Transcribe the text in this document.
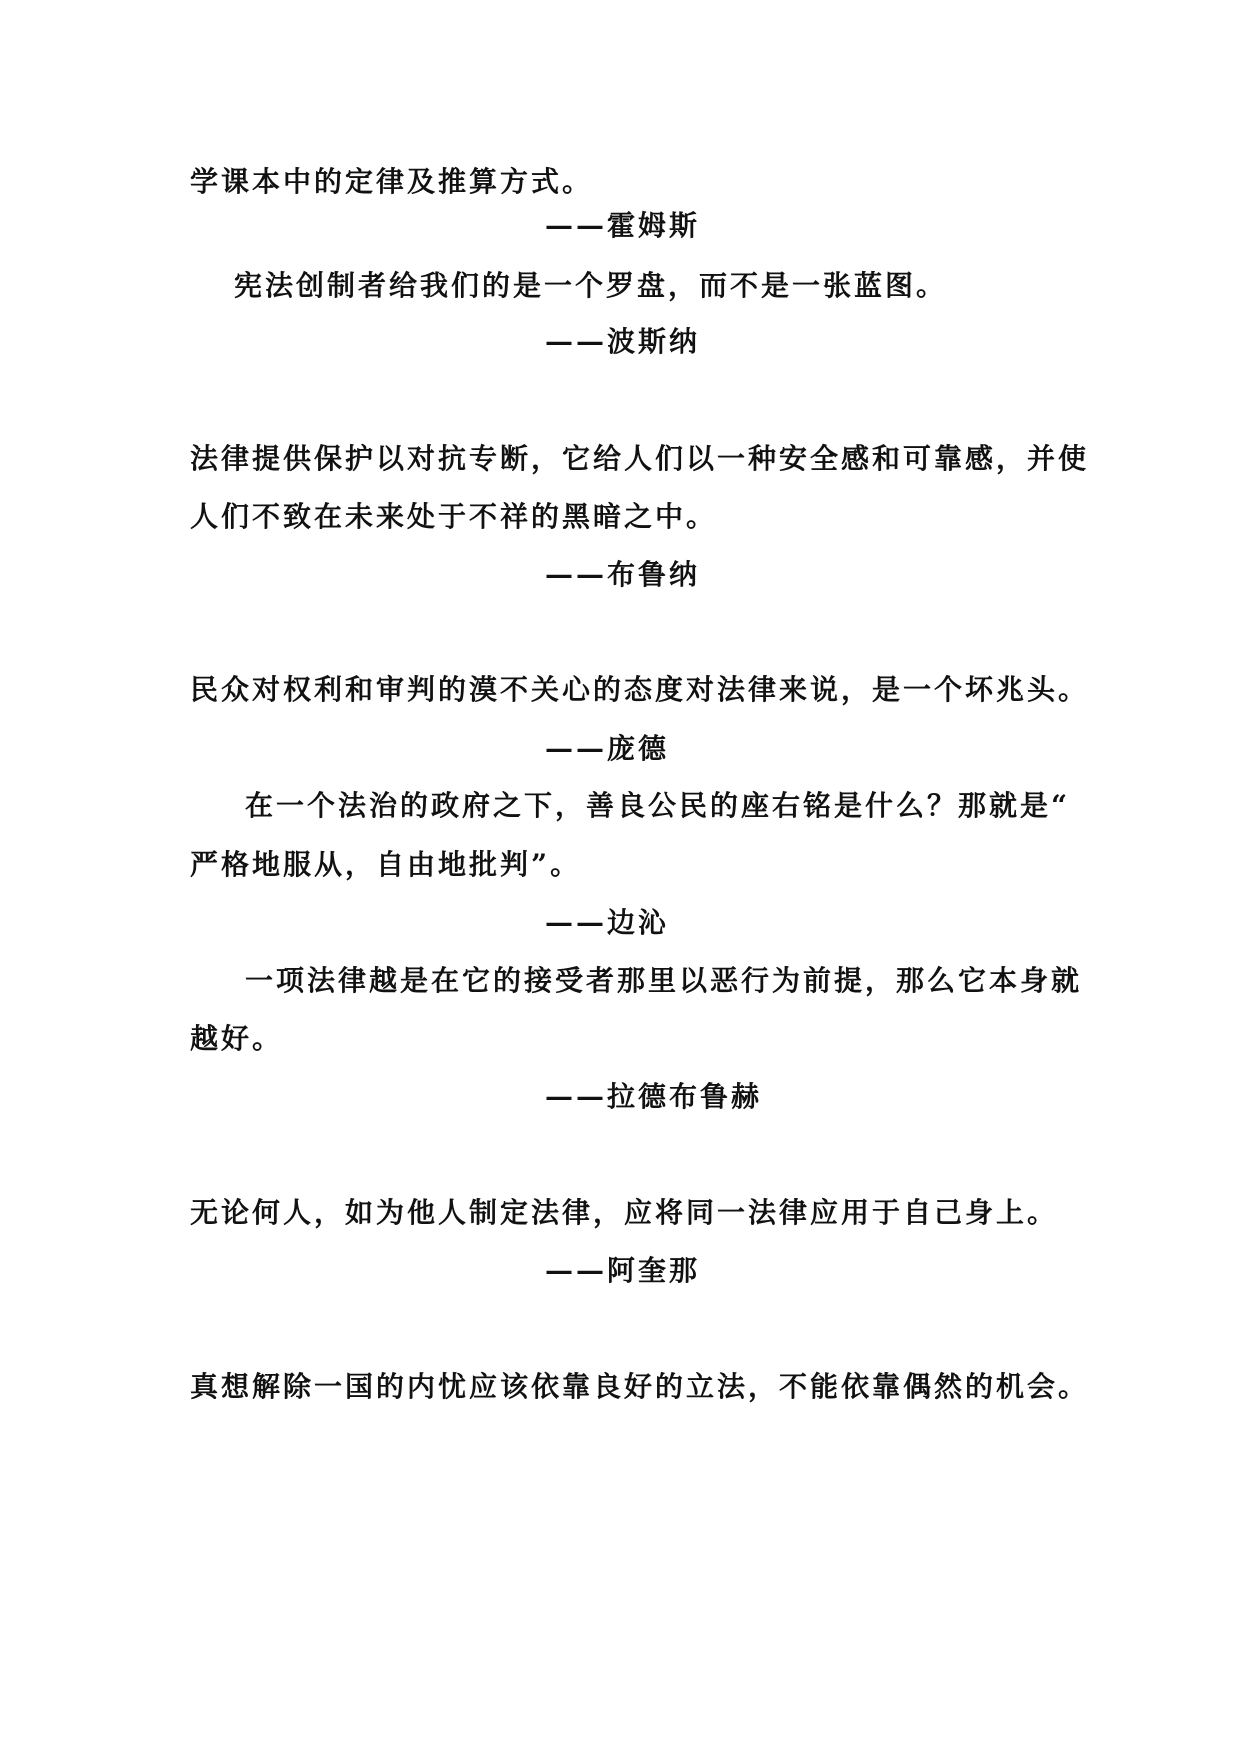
学课本中的定律及推算方式。
——霍姆斯
宪法创制者给我们的是一个罗盘，而不是一张蓝图。
——波斯纳
法律提供保护以对抗专断，它给人们以一种安全感和可靠感，并使
人们不致在未来处于不祥的黑暗之中。
——布鲁纳
民众对权利和审判的漠不关心的态度对法律来说，是一个坏兆头。
——庞德
在一个法治的政府之下，善良公民的座右铭是什么？那就是“
严格地服从，自由地批判”。
——边沁
一项法律越是在它的接受者那里以恶行为前提，那么它本身就
越好。
——拉德布鲁赫
无论何人，如为他人制定法律，应将同一法律应用于自己身上。
——阿奎那
真想解除一国的内忧应该依靠良好的立法，不能依靠偶然的机会。
